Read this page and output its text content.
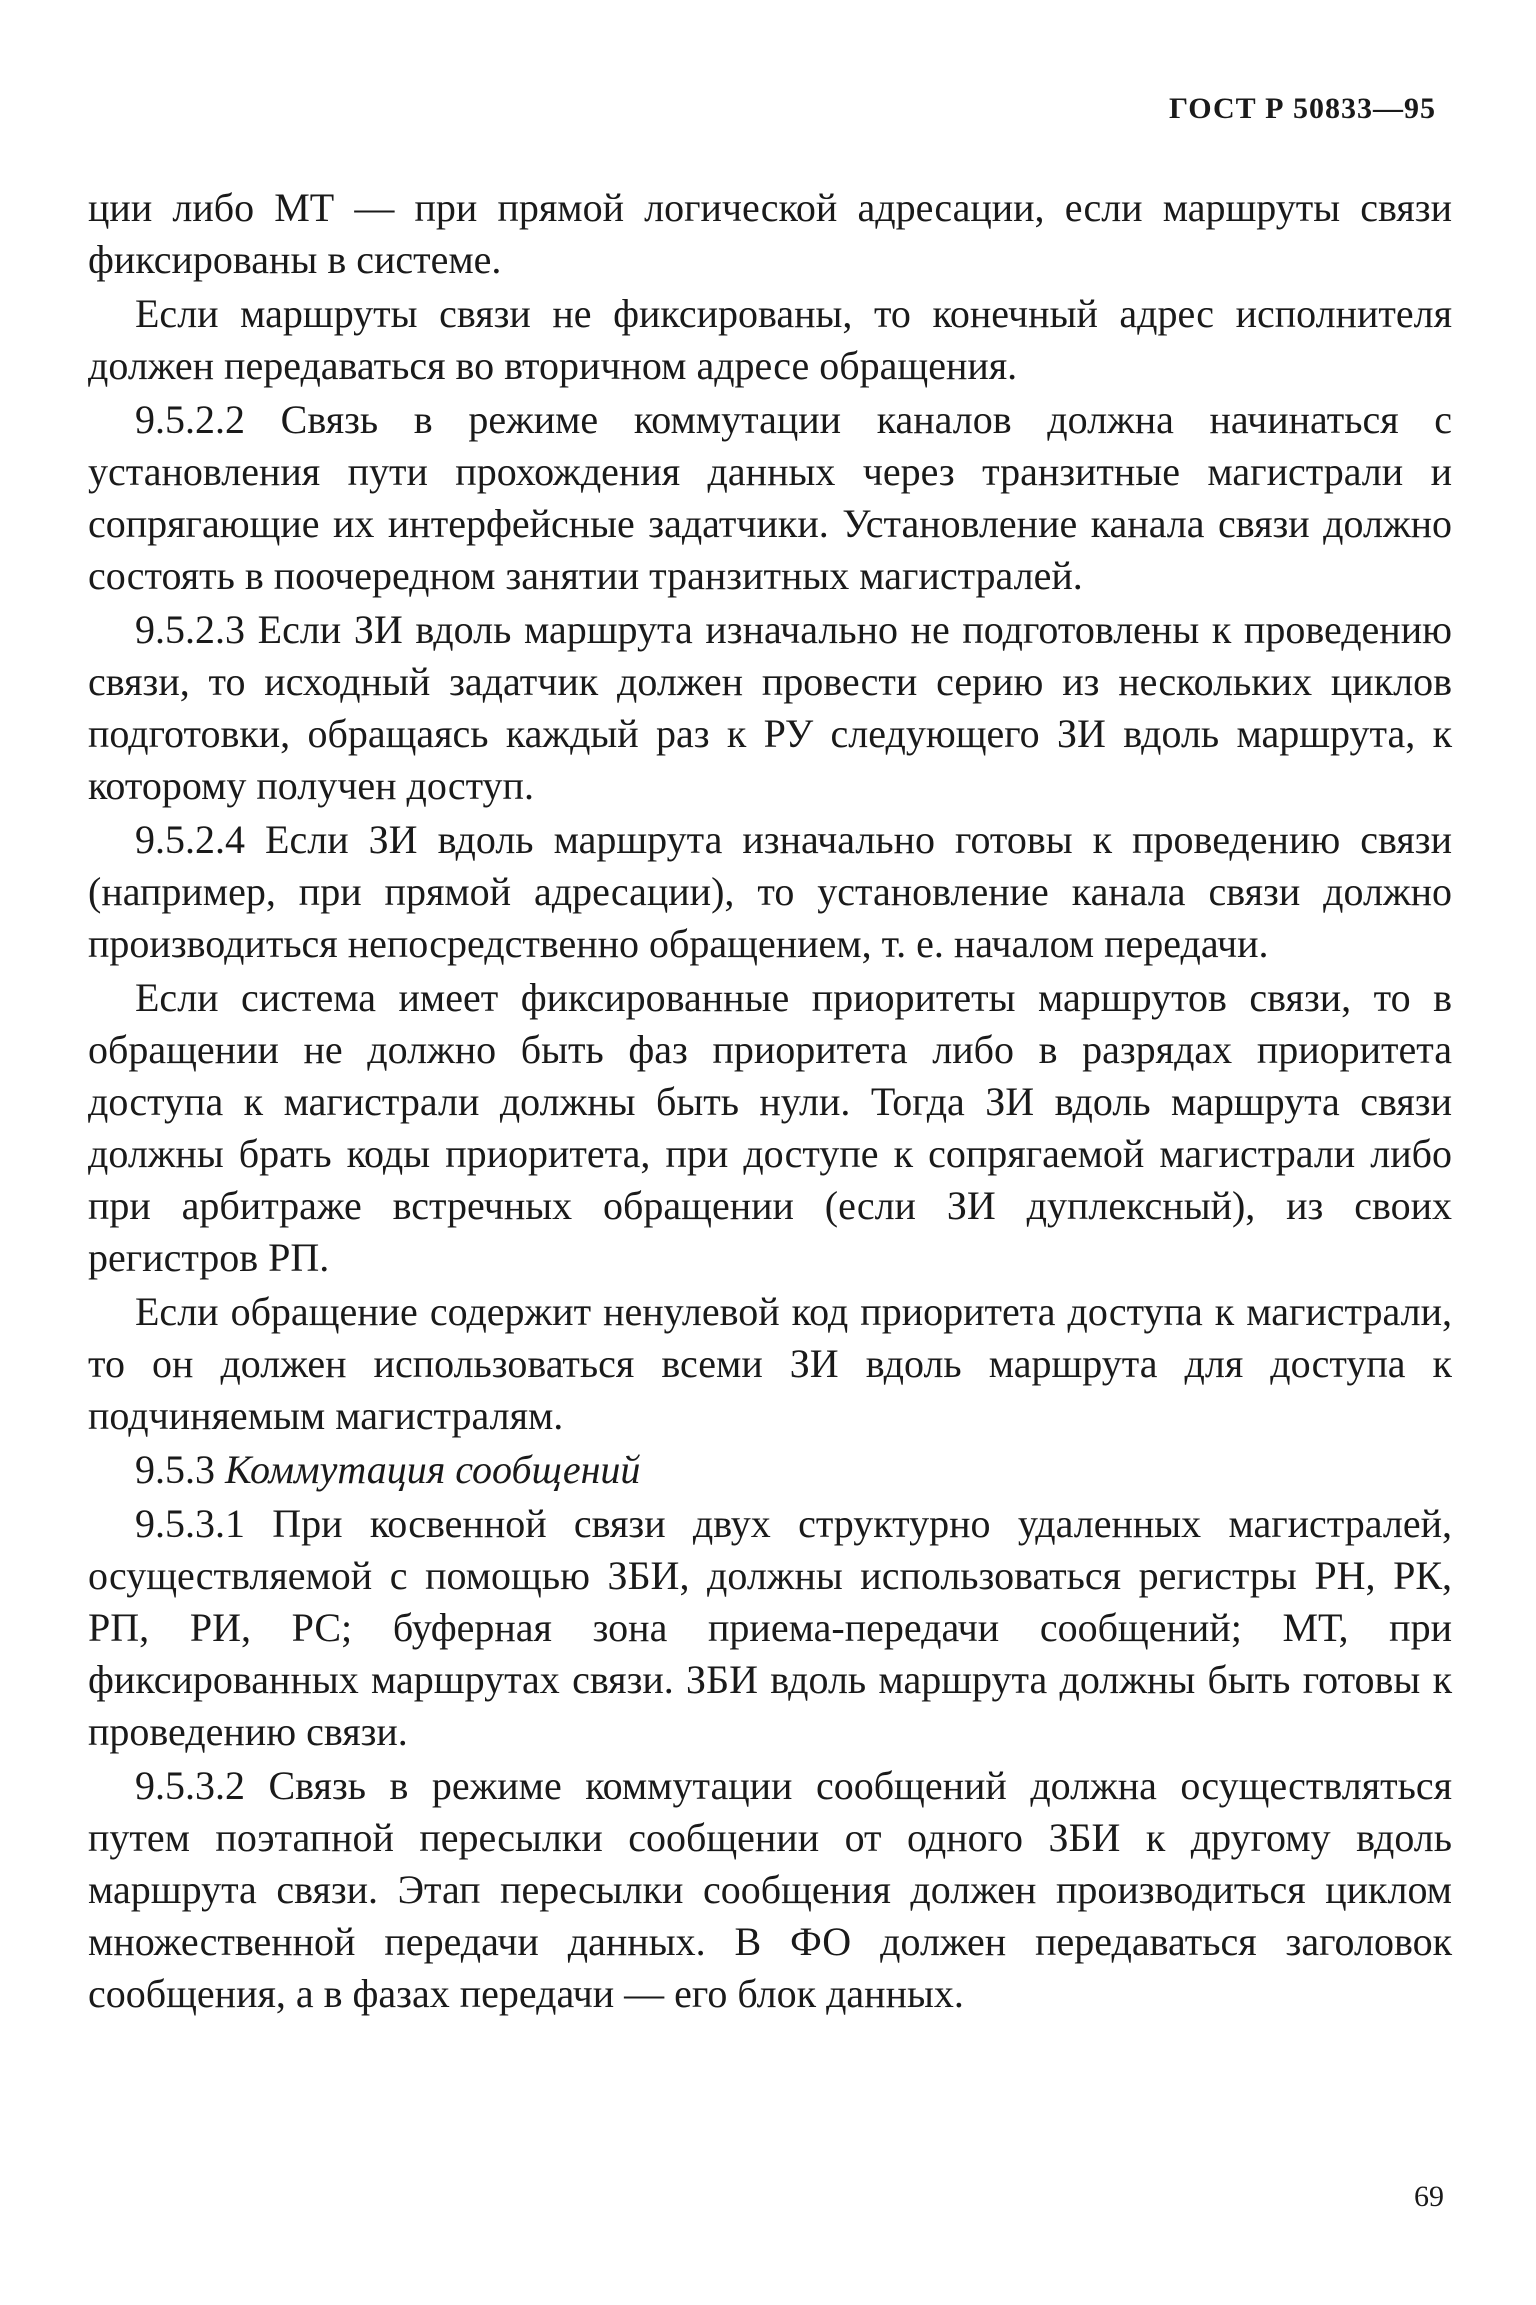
ГОСТ Р 50833—95

ции либо МТ — при прямой логической адресации, если маршруты связи фиксированы в системе.

Если маршруты связи не фиксированы, то конечный адрес исполнителя должен передаваться во вторичном адресе обращения.

9.5.2.2 Связь в режиме коммутации каналов должна начинаться с установления пути прохождения данных через транзитные магистрали и сопрягающие их интерфейсные задатчики. Установление канала связи должно состоять в поочередном занятии транзитных магистралей.

9.5.2.3 Если ЗИ вдоль маршрута изначально не подготовлены к проведению связи, то исходный задатчик должен провести серию из нескольких циклов подготовки, обращаясь каждый раз к РУ следующего ЗИ вдоль маршрута, к которому получен доступ.

9.5.2.4 Если ЗИ вдоль маршрута изначально готовы к проведению связи (например, при прямой адресации), то установление канала связи должно производиться непосредственно обращением, т. е. началом передачи.

Если система имеет фиксированные приоритеты маршрутов связи, то в обращении не должно быть фаз приоритета либо в разрядах приоритета доступа к магистрали должны быть нули. Тогда ЗИ вдоль маршрута связи должны брать коды приоритета, при доступе к сопрягаемой магистрали либо при арбитраже встречных обращении (если ЗИ дуплексный), из своих регистров РП.

Если обращение содержит ненулевой код приоритета доступа к магистрали, то он должен использоваться всеми ЗИ вдоль маршрута для доступа к подчиняемым магистралям.

9.5.3 Коммутация сообщений

9.5.3.1 При косвенной связи двух структурно удаленных магистралей, осуществляемой с помощью ЗБИ, должны использоваться регистры РН, РК, РП, РИ, РС; буферная зона приема-передачи сообщений; МТ, при фиксированных маршрутах связи. ЗБИ вдоль маршрута должны быть готовы к проведению связи.

9.5.3.2 Связь в режиме коммутации сообщений должна осуществляться путем поэтапной пересылки сообщении от одного ЗБИ к другому вдоль маршрута связи. Этап пересылки сообщения должен производиться циклом множественной передачи данных. В ФО должен передаваться заголовок сообщения, а в фазах передачи — его блок данных.

69
